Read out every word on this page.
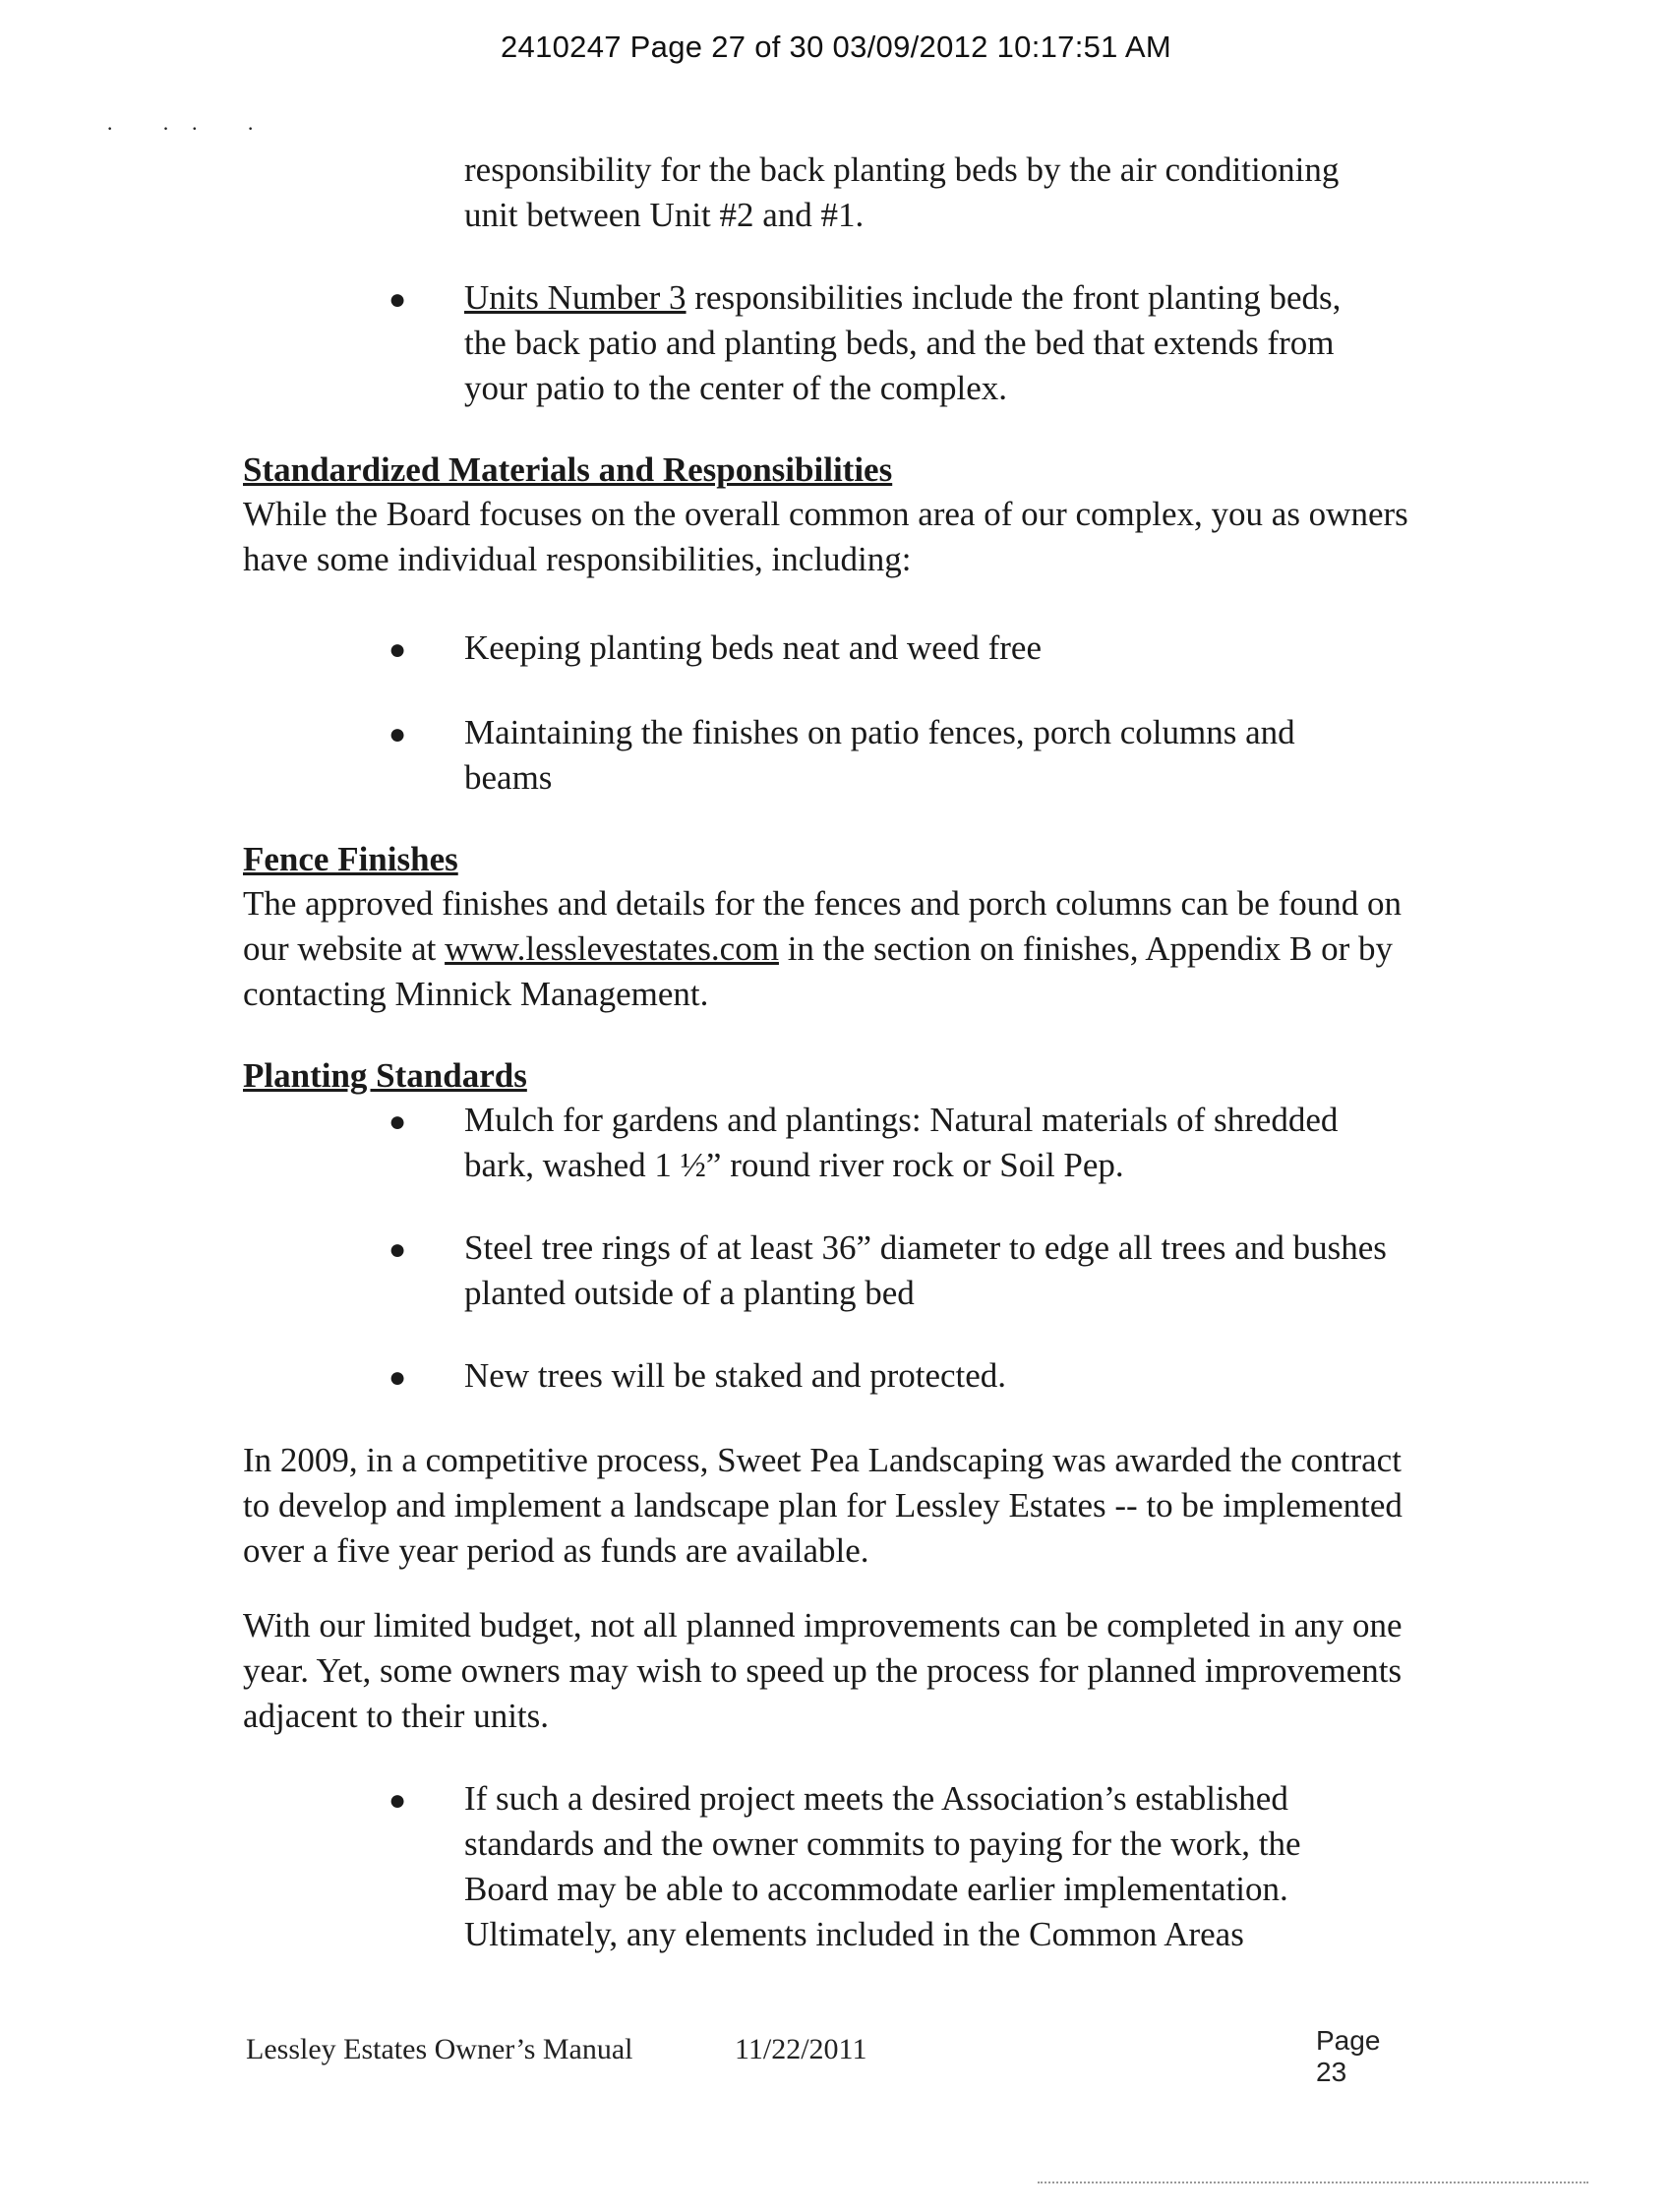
2410247 Page 27 of 30 03/09/2012 10:17:51 AM
· ·· ·
responsibility for the back planting beds by the air conditioning unit between Unit #2 and #1.
●	Units Number 3 responsibilities include the front planting beds, the back patio and planting beds, and the bed that extends from your patio to the center of the complex.
Standardized Materials and Responsibilities
While the Board focuses on the overall common area of our complex, you as owners have some individual responsibilities, including:
●	Keeping planting beds neat and weed free
●	Maintaining the finishes on patio fences, porch columns and beams
Fence Finishes
The approved finishes and details for the fences and porch columns can be found on our website at www.lesslevestates.com in the section on finishes, Appendix B or by contacting Minnick Management.
Planting Standards
●	Mulch for gardens and plantings: Natural materials of shredded bark, washed 1 ½” round river rock or Soil Pep.
●	Steel tree rings of at least 36” diameter to edge all trees and bushes planted outside of a planting bed
●	New trees will be staked and protected.
In 2009, in a competitive process, Sweet Pea Landscaping was awarded the contract to develop and implement a landscape plan for Lessley Estates -- to be implemented over a five year period as funds are available.
With our limited budget, not all planned improvements can be completed in any one year. Yet, some owners may wish to speed up the process for planned improvements adjacent to their units.
●	If such a desired project meets the Association’s established standards and the owner commits to paying for the work, the Board may be able to accommodate earlier implementation. Ultimately, any elements included in the Common Areas
Lessley Estates Owner’s Manual	11/22/2011	Page 23
